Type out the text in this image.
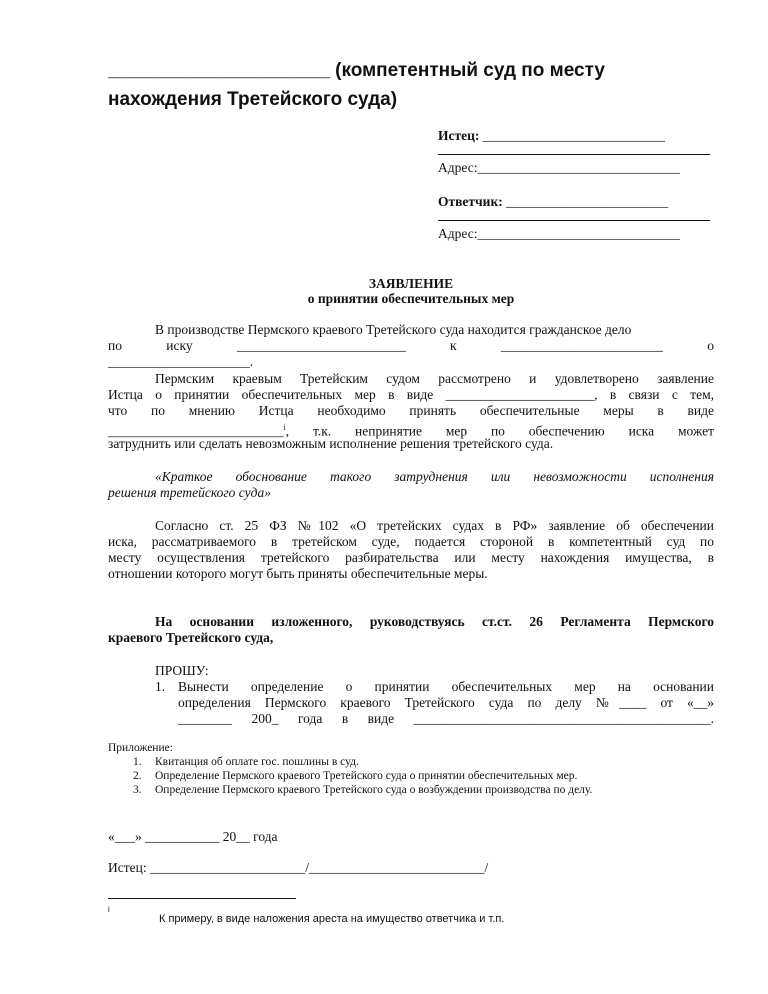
_____________________ (компетентный суд по месту нахождения Третейского суда)
Истец: ___________________________
Адрес:______________________________
Ответчик: ________________________
Адрес:______________________________
ЗАЯВЛЕНИЕ
о принятии обеспечительных мер
В производстве Пермского краевого Третейского суда находится гражданское дело
по иску _________________________ к ________________________ о
_____________________.
Пермским краевым Третейским судом рассмотрено и удовлетворено заявление
Истца о принятии обеспечительных мер в виде ______________________, в связи с тем,
что по мнению Истца необходимо принять обеспечительные меры в виде
__________________________$^i$, т.к. непринятие мер по обеспечению иска может
затруднить или сделать невозможным исполнение решения третейского суда.
«Краткое обоснование такого затруднения или невозможности исполнения
решения третейского суда»
Согласно ст. 25 ФЗ №102 «О третейских судах в РФ» заявление об обеспечении
иска, рассматриваемого в третейском суде, подается стороной в компетентный суд по
месту осуществления третейского разбирательства или месту нахождения имущества, в
отношении которого могут быть приняты обеспечительные меры.
На основании изложенного, руководствуясь ст.ст. 26 Регламента Пермского
краевого Третейского суда,
ПРОШУ:
1. Вынести определение о принятии обеспечительных мер на основании
определения Пермского краевого Третейского суда по делу №____ от «__»
________ 200_ года в виде ____________________________________________.
Приложение:
1. Квитанция об оплате гос. пошлины в суд.
2. Определение Пермского краевого Третейского суда о принятии обеспечительных мер.
3. Определение Пермского краевого Третейского суда о возбуждении производства по делу.
«___» ___________ 20__ года
Истец: _______________________/__________________________/
i
К примеру, в виде наложения ареста на имущество ответчика и т.п.
